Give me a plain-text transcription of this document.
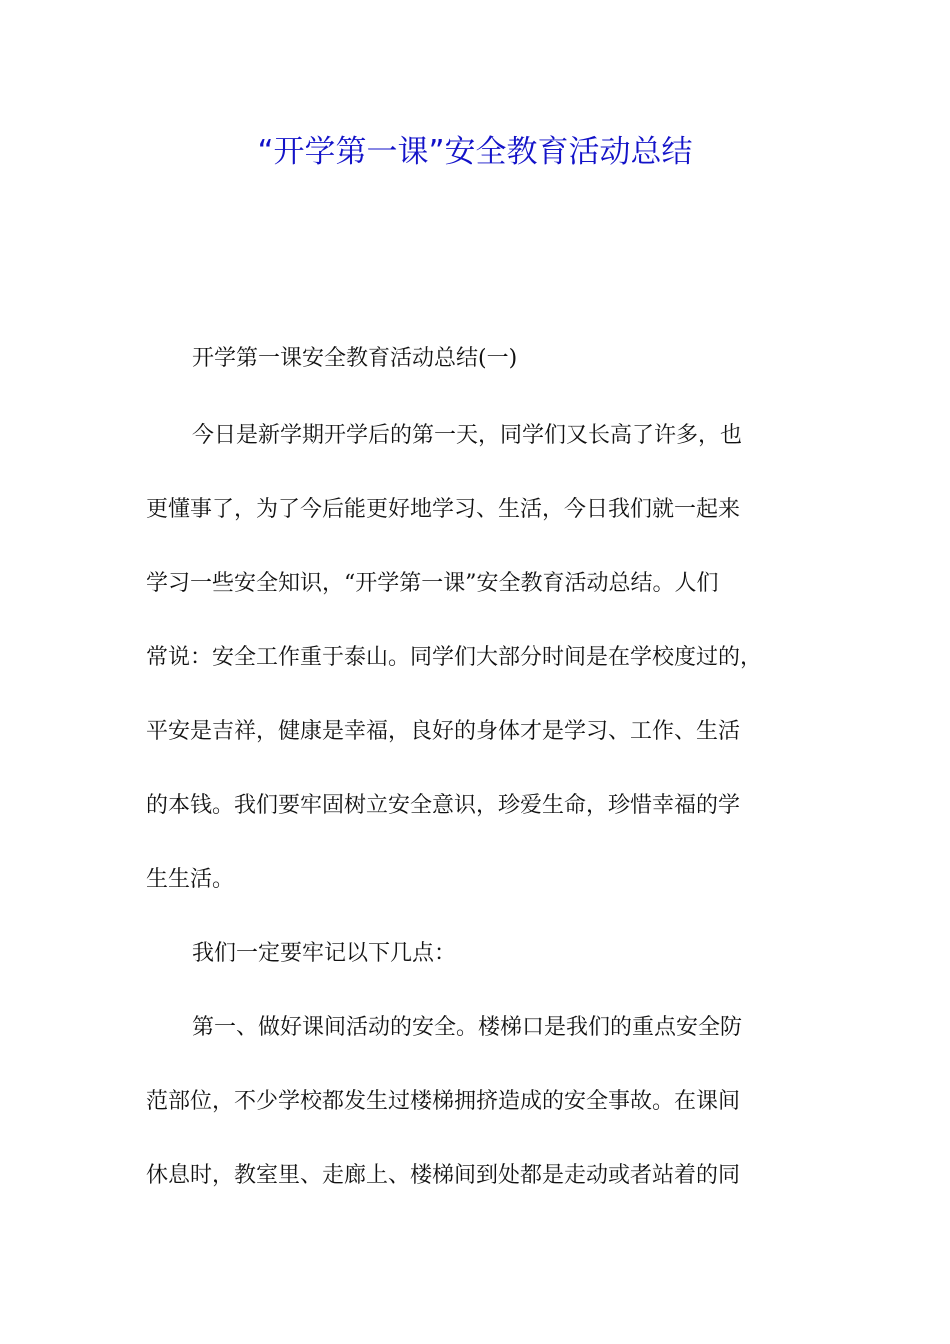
“开学第一课”安全教育活动总结

开学第一课安全教育活动总结(一)

今日是新学期开学后的第一天，同学们又长高了许多，也

更懂事了，为了今后能更好地学习、生活，今日我们就一起来

学习一些安全知识，“开学第一课”安全教育活动总结。人们

常说：安全工作重于泰山。同学们大部分时间是在学校度过的，

平安是吉祥，健康是幸福，良好的身体才是学习、工作、生活

的本钱。我们要牢固树立安全意识，珍爱生命，珍惜幸福的学

生生活。

我们一定要牢记以下几点：

第一、做好课间活动的安全。楼梯口是我们的重点安全防

范部位，不少学校都发生过楼梯拥挤造成的安全事故。在课间

休息时，教室里、走廊上、楼梯间到处都是走动或者站着的同
